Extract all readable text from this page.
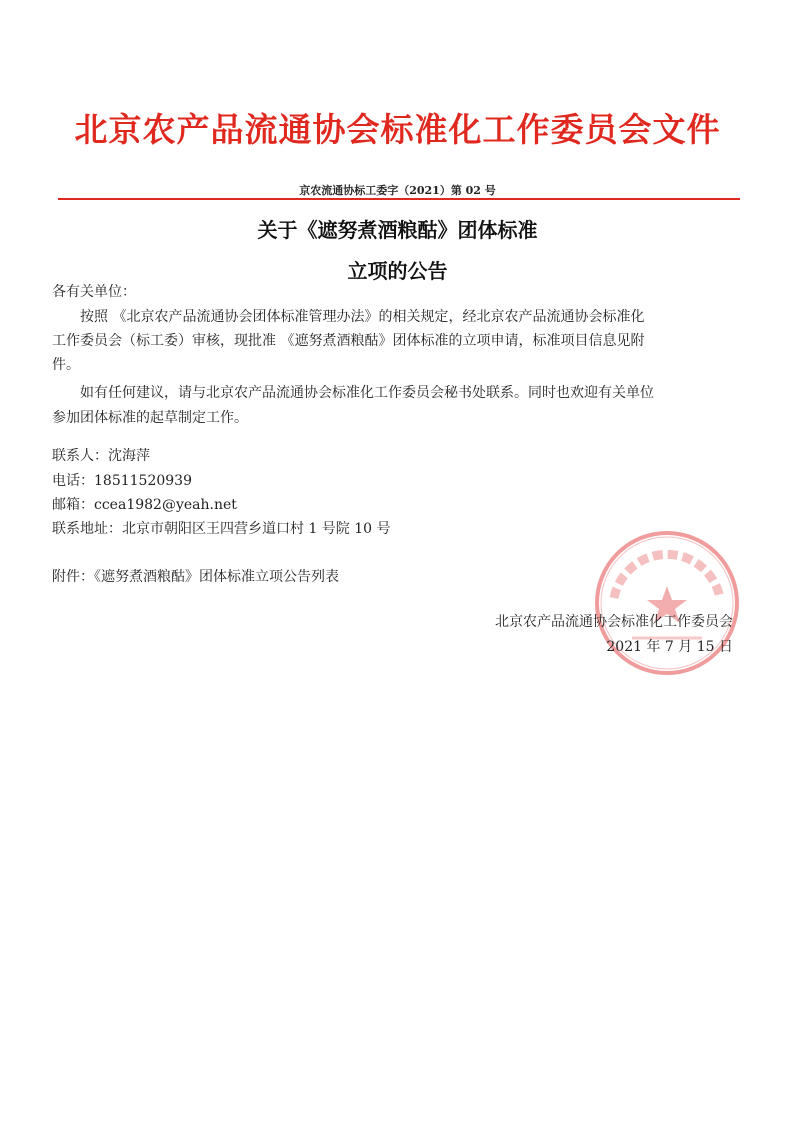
北京农产品流通协会标准化工作委员会文件
京农流通协标工委字（2021）第 02 号
关于《遮努煮酒粮酤》团体标准
立项的公告
各有关单位：
按照 《北京农产品流通协会团体标准管理办法》的相关规定，经北京农产品流通协会标准化
工作委员会（标工委）审核，现批准 《遮努煮酒粮酤》团体标准的立项申请，标准项目信息见附
件。
如有任何建议，请与北京农产品流通协会标准化工作委员会秘书处联系。同时也欢迎有关单位
参加团体标准的起草制定工作。
联系人：沈海萍
电话：18511520939
邮箱：ccea1982@yeah.net
联系地址：北京市朝阳区王四营乡道口村 1 号院 10 号
附件：《遮努煮酒粮酤》团体标准立项公告列表
北京农产品流通协会标准化工作委员会
2021 年 7 月 15 日
